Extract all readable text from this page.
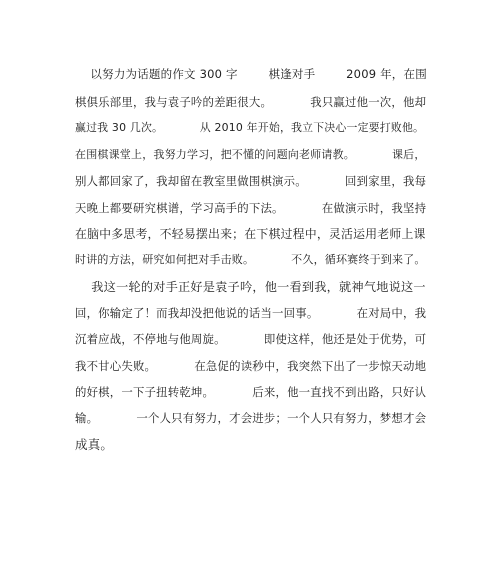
以努力为话题的作文 300 字        棋逢对手        2009 年，在围
棋俱乐部里，我与袁子吟的差距很大。          我只赢过他一次，他却
赢过我 30 几次。          从 2010 年开始，我立下决心一定要打败他。
在围棋课堂上，我努力学习，把不懂的问题向老师请教。          课后，
别人都回家了，我却留在教室里做围棋演示。          回到家里，我每
天晚上都要研究棋谱，学习高手的下法。          在做演示时，我坚持
在脑中多思考，不轻易摆出来；在下棋过程中，灵活运用老师上课
时讲的方法，研究如何把对手击败。          不久，循环赛终于到来了。
我这一轮的对手正好是袁子吟，他一看到我，就神气地说这一
回，你输定了！而我却没把他说的话当一回事。          在对局中，我
沉着应战，不停地与他周旋。          即使这样，他还是处于优势，可
我不甘心失败。          在急促的读秒中，我突然下出了一步惊天动地
的好棋，一下子扭转乾坤。          后来，他一直找不到出路，只好认
输。          一个人只有努力，才会进步；一个人只有努力，梦想才会
成真。
